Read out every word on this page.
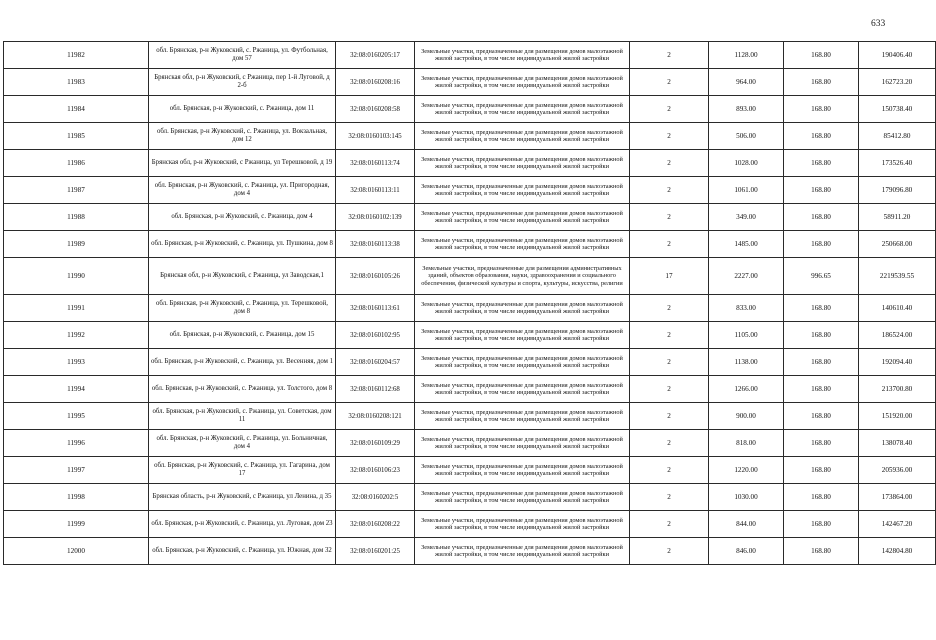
633
11982	обл. Брянская, р-н Жуковский, с. Ржаница, ул. Футбольная, дом 57	32:08:0160205:17	Земельные участки, предназначенные для размещения домов малоэтажной жилой застройки, в том числе индивидуальной жилой застройки	2	1128.00	168.80	190406.40
11983	Брянская обл, р-н Жуковский, с Ржаница, пер 1-й Луговой, д 2-б	32:08:0160208:16	Земельные участки, предназначенные для размещения домов малоэтажной жилой застройки, в том числе индивидуальной жилой застройки	2	964.00	168.80	162723.20
11984	обл. Брянская, р-н Жуковский, с. Ржаница, дом 11	32:08:0160208:58	Земельные участки, предназначенные для размещения домов малоэтажной жилой застройки, в том числе индивидуальной жилой застройки	2	893.00	168.80	150738.40
11985	обл. Брянская, р-н Жуковский, с. Ржаница, ул. Вокзальная, дом 12	32:08:0160103:145	Земельные участки, предназначенные для размещения домов малоэтажной жилой застройки, в том числе индивидуальной жилой застройки	2	506.00	168.80	85412.80
11986	Брянская обл, р-н Жуковский, с Ржаница, ул Терешковой, д 19	32:08:0160113:74	Земельные участки, предназначенные для размещения домов малоэтажной жилой застройки, в том числе индивидуальной жилой застройки	2	1028.00	168.80	173526.40
11987	обл. Брянская, р-н Жуковский, с. Ржаница, ул. Пригородная, дом 4	32:08:0160113:11	Земельные участки, предназначенные для размещения домов малоэтажной жилой застройки, в том числе индивидуальной жилой застройки	2	1061.00	168.80	179096.80
11988	обл. Брянская, р-н Жуковский, с. Ржаница, дом 4	32:08:0160102:139	Земельные участки, предназначенные для размещения домов малоэтажной жилой застройки, в том числе индивидуальной жилой застройки	2	349.00	168.80	58911.20
11989	обл. Брянская, р-н Жуковский, с. Ржаница, ул. Пушкина, дом 8	32:08:0160113:38	Земельные участки, предназначенные для размещения домов малоэтажной жилой застройки, в том числе индивидуальной жилой застройки	2	1485.00	168.80	250668.00
11990	Брянская обл, р-н Жуковский, с Ржаница, ул Заводская,1	32:08:0160105:26	Земельные участки, предназначенные для размещения административных зданий, объектов образования, науки, здравоохранения и социального обеспечения, физической культуры и спорта, культуры, искусства, религии	17	2227.00	996.65	2219539.55
11991	обл. Брянская, р-н Жуковский, с. Ржаница, ул. Терешковой, дом 8	32:08:0160113:61	Земельные участки, предназначенные для размещения домов малоэтажной жилой застройки, в том числе индивидуальной жилой застройки	2	833.00	168.80	140610.40
11992	обл. Брянская, р-н Жуковский, с. Ржаница, дом 15	32:08:0160102:95	Земельные участки, предназначенные для размещения домов малоэтажной жилой застройки, в том числе индивидуальной жилой застройки	2	1105.00	168.80	186524.00
11993	обл. Брянская, р-н Жуковский, с. Ржаница, ул. Весенняя, дом 1	32:08:0160204:57	Земельные участки, предназначенные для размещения домов малоэтажной жилой застройки, в том числе индивидуальной жилой застройки	2	1138.00	168.80	192094.40
11994	обл. Брянская, р-н Жуковский, с. Ржаница, ул. Толстого, дом 8	32:08:0160112:68	Земельные участки, предназначенные для размещения домов малоэтажной жилой застройки, в том числе индивидуальной жилой застройки	2	1266.00	168.80	213700.80
11995	обл. Брянская, р-н Жуковский, с. Ржаница, ул. Советская, дом 11	32:08:0160208:121	Земельные участки, предназначенные для размещения домов малоэтажной жилой застройки, в том числе индивидуальной жилой застройки	2	900.00	168.80	151920.00
11996	обл. Брянская, р-н Жуковский, с. Ржаница, ул. Больничная, дом 4	32:08:0160109:29	Земельные участки, предназначенные для размещения домов малоэтажной жилой застройки, в том числе индивидуальной жилой застройки	2	818.00	168.80	138078.40
11997	обл. Брянская, р-н Жуковский, с. Ржаница, ул. Гагарина, дом 17	32:08:0160106:23	Земельные участки, предназначенные для размещения домов малоэтажной жилой застройки, в том числе индивидуальной жилой застройки	2	1220.00	168.80	205936.00
11998	Брянская область, р-н Жуковский, с Ржаница, ул Ленина, д 35	32:08:0160202:5	Земельные участки, предназначенные для размещения домов малоэтажной жилой застройки, в том числе индивидуальной жилой застройки	2	1030.00	168.80	173864.00
11999	обл. Брянская, р-н Жуковский, с. Ржаница, ул. Луговая, дом 23	32:08:0160208:22	Земельные участки, предназначенные для размещения домов малоэтажной жилой застройки, в том числе индивидуальной жилой застройки	2	844.00	168.80	142467.20
12000	обл. Брянская, р-н Жуковский, с. Ржаница, ул. Южная, дом 32	32:08:0160201:25	Земельные участки, предназначенные для размещения домов малоэтажной жилой застройки, в том числе индивидуальной жилой застройки	2	846.00	168.80	142804.80
